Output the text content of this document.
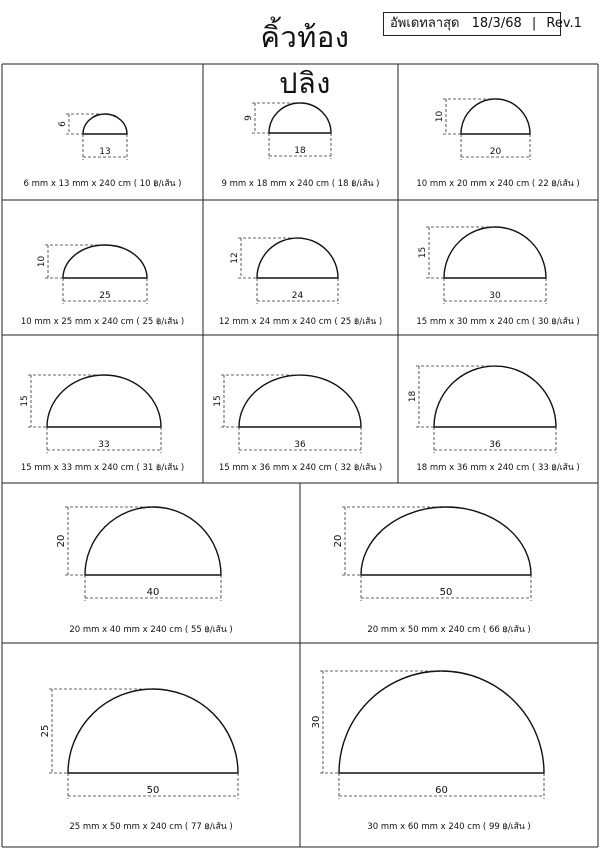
คิ้วท้องปลิง
อัพเดทลาสุด 18/3/68 | Rev.1
6
13
6 mm x 13 mm x 240 cm ( 10 ฿/เส้น )
9
18
9 mm x 18 mm x 240 cm ( 18 ฿/เส้น )
10
20
10 mm x 20 mm x 240 cm ( 22 ฿/เส้น )
10
25
10 mm x 25 mm x 240 cm ( 25 ฿/เส้น )
12
24
12 mm x 24 mm x 240 cm ( 25 ฿/เส้น )
15
30
15 mm x 30 mm x 240 cm ( 30 ฿/เส้น )
15
33
15 mm x 33 mm x 240 cm ( 31 ฿/เส้น )
15
36
15 mm x 36 mm x 240 cm ( 32 ฿/เส้น )
18
36
18 mm x 36 mm x 240 cm ( 33 ฿/เส้น )
20
40
20 mm x 40 mm x 240 cm ( 55 ฿/เส้น )
20
50
20 mm x 50 mm x 240 cm ( 66 ฿/เส้น )
25
50
25 mm x 50 mm x 240 cm ( 77 ฿/เส้น )
30
60
30 mm x 60 mm x 240 cm ( 99 ฿/เส้น )
